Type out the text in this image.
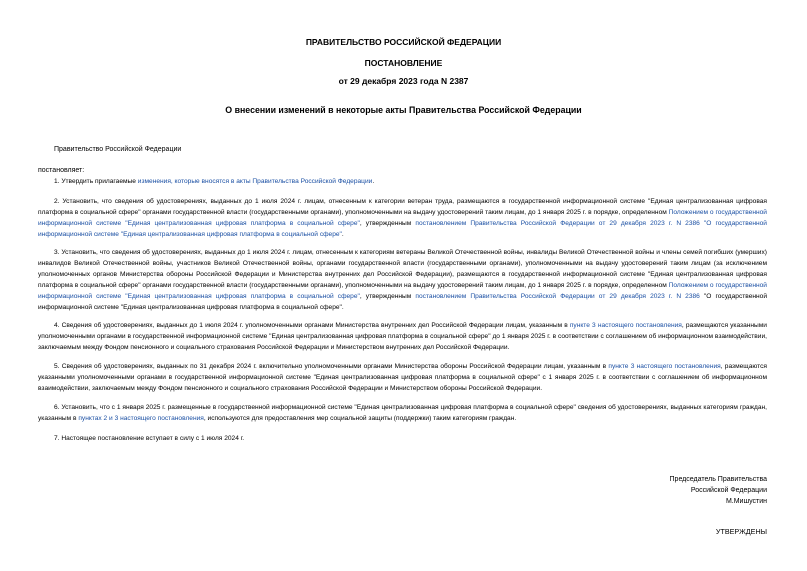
ПРАВИТЕЛЬСТВО РОССИЙСКОЙ ФЕДЕРАЦИИ
ПОСТАНОВЛЕНИЕ
от 29 декабря 2023 года N 2387
О внесении изменений в некоторые акты Правительства Российской Федерации
Правительство Российской Федерации
постановляет:
1. Утвердить прилагаемые изменения, которые вносятся в акты Правительства Российской Федерации.
2. Установить, что сведения об удостоверениях, выданных до 1 июля 2024 г. лицам, отнесенным к категории ветеран труда, размещаются в государственной информационной системе "Единая централизованная цифровая платформа в социальной сфере" органами государственной власти (государственными органами), уполномоченными на выдачу удостоверений таким лицам, до 1 января 2025 г. в порядке, определенном Положением о государственной информационной системе "Единая централизованная цифровая платформа в социальной сфере", утвержденным постановлением Правительства Российской Федерации от 29 декабря 2023 г. N 2386 "О государственной информационной системе "Единая централизованная цифровая платформа в социальной сфере".
3. Установить, что сведения об удостоверениях, выданных до 1 июля 2024 г. лицам, отнесенным к категориям ветераны Великой Отечественной войны, инвалиды Великой Отечественной войны и члены семей погибших (умерших) инвалидов Великой Отечественной войны, участников Великой Отечественной войны, органами государственной власти (государственными органами), уполномоченными на выдачу удостоверений таким лицам (за исключением уполномоченных органов Министерства обороны Российской Федерации и Министерства внутренних дел Российской Федерации), размещаются в государственной информационной системе "Единая централизованная цифровая платформа в социальной сфере" органами государственной власти (государственными органами), уполномоченными на выдачу удостоверений таким лицам, до 1 января 2025 г. в порядке, определенном Положением о государственной информационной системе "Единая централизованная цифровая платформа в социальной сфере", утвержденным постановлением Правительства Российской Федерации от 29 декабря 2023 г. N 2386 "О государственной информационной системе "Единая централизованная цифровая платформа в социальной сфере".
4. Сведения об удостоверениях, выданных до 1 июля 2024 г. уполномоченными органами Министерства внутренних дел Российской Федерации лицам, указанным в пункте 3 настоящего постановления, размещаются указанными уполномоченными органами в государственной информационной системе "Единая централизованная цифровая платформа в социальной сфере" до 1 января 2025 г. в соответствии с соглашением об информационном взаимодействии, заключаемым между Фондом пенсионного и социального страхования Российской Федерации и Министерством внутренних дел Российской Федерации.
5. Сведения об удостоверениях, выданных по 31 декабря 2024 г. включительно уполномоченными органами Министерства обороны Российской Федерации лицам, указанным в пункте 3 настоящего постановления, размещаются указанными уполномоченными органами в государственной информационной системе "Единая централизованная цифровая платформа в социальной сфере" с 1 января 2025 г. в соответствии с соглашением об информационном взаимодействии, заключаемым между Фондом пенсионного и социального страхования Российской Федерации и Министерством обороны Российской Федерации.
6. Установить, что с 1 января 2025 г. размещенные в государственной информационной системе "Единая централизованная цифровая платформа в социальной сфере" сведения об удостоверениях, выданных категориям граждан, указанным в пунктах 2 и 3 настоящего постановления, используются для предоставления мер социальной защиты (поддержки) таким категориям граждан.
7. Настоящее постановление вступает в силу с 1 июля 2024 г.
Председатель Правительства
Российской Федерации
М.Мишустин
УТВЕРЖДЕНЫ
